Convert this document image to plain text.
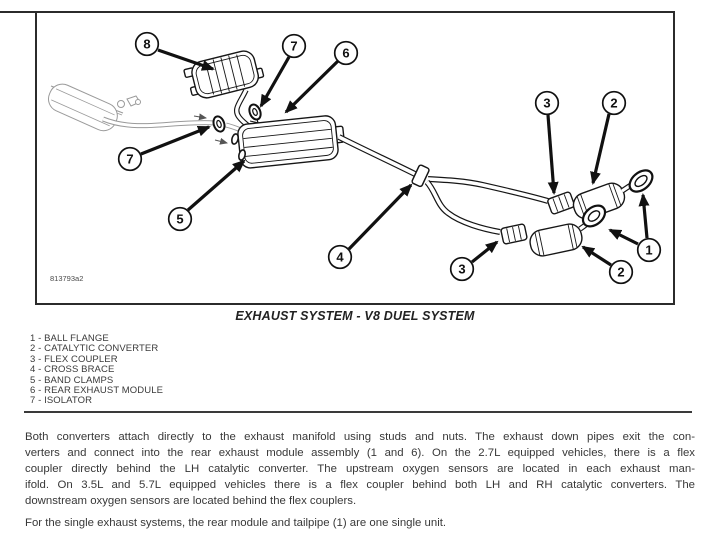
8	7	6
3	2
7
5
4
3	2
1
813793a2
EXHAUST SYSTEM - V8 DUEL SYSTEM
1 - BALL FLANGE
2 - CATALYTIC CONVERTER
3 - FLEX COUPLER
4 - CROSS BRACE
5 - BAND CLAMPS
6 - REAR EXHAUST MODULE
7 - ISOLATOR
Both converters attach directly to the exhaust manifold using studs and nuts. The exhaust down pipes exit the con-
verters and connect into the rear exhaust module assembly (1 and 6). On the 2.7L equipped vehicles, there is a flex
coupler directly behind the LH catalytic converter. The upstream oxygen sensors are located in each exhaust man-
ifold. On 3.5L and 5.7L equipped vehicles there is a flex coupler behind both LH and RH catalytic converters. The
downstream oxygen sensors are located behind the flex couplers.
For the single exhaust systems, the rear module and tailpipe (1) are one single unit.
